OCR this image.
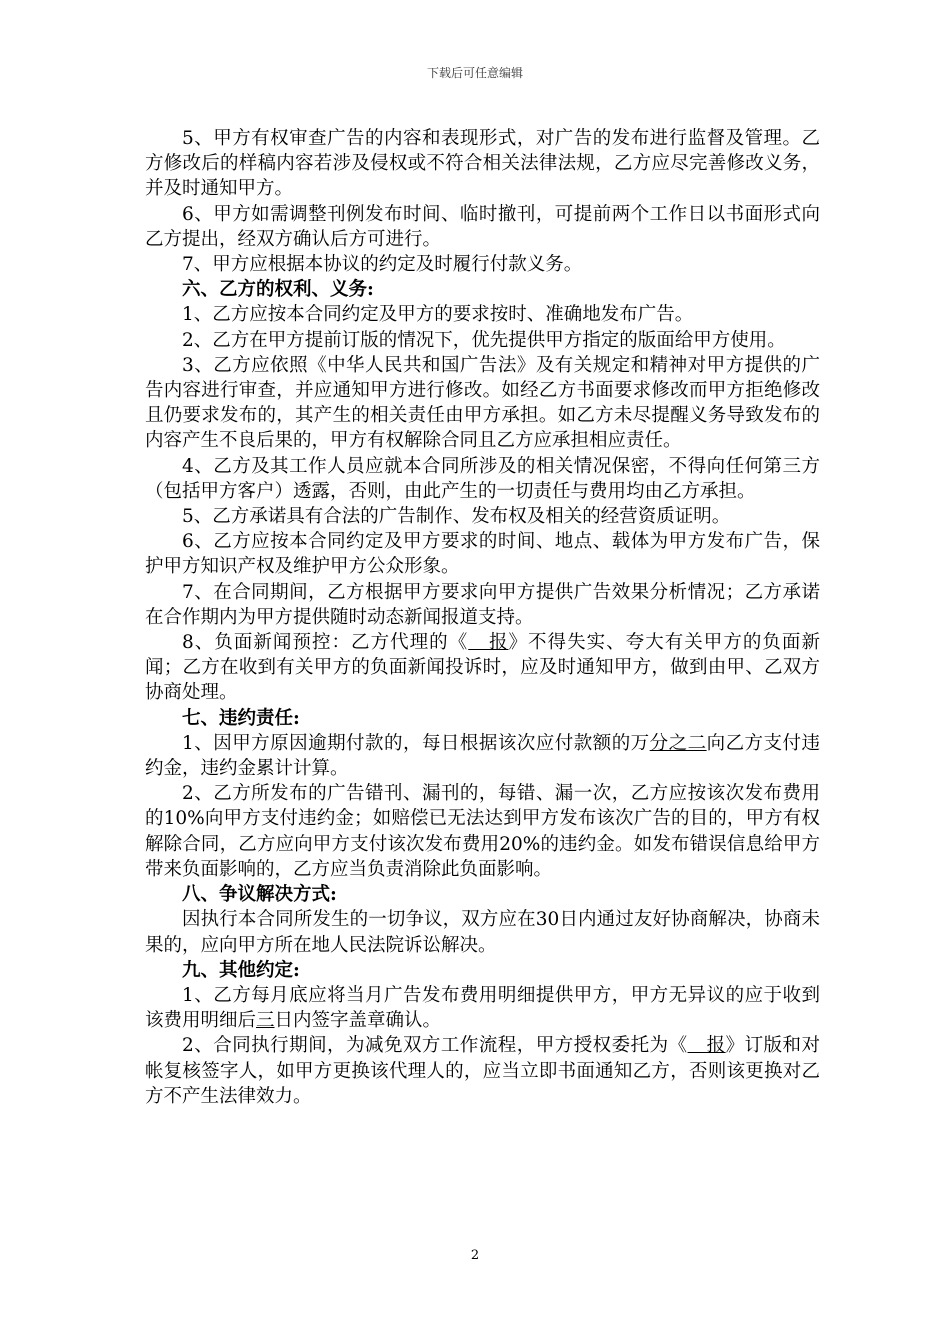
下载后可任意编辑

5、甲方有权审查广告的内容和表现形式，对广告的发布进行监督及管理。乙方修改后的样稿内容若涉及侵权或不符合相关法律法规，乙方应尽完善修改义务，并及时通知甲方。

6、甲方如需调整刊例发布时间、临时撤刊，可提前两个工作日以书面形式向乙方提出，经双方确认后方可进行。

7、甲方应根据本协议的约定及时履行付款义务。

六、乙方的权利、义务:

1、乙方应按本合同约定及甲方的要求按时、准确地发布广告。

2、乙方在甲方提前订版的情况下，优先提供甲方指定的版面给甲方使用。

3、乙方应依照《中华人民共和国广告法》及有关规定和精神对甲方提供的广告内容进行审查，并应通知甲方进行修改。如经乙方书面要求修改而甲方拒绝修改且仍要求发布的，其产生的相关责任由甲方承担。如乙方未尽提醒义务导致发布的内容产生不良后果的，甲方有权解除合同且乙方应承担相应责任。

4、乙方及其工作人员应就本合同所涉及的相关情况保密，不得向任何第三方（包括甲方客户）透露，否则，由此产生的一切责任与费用均由乙方承担。

5、乙方承诺具有合法的广告制作、发布权及相关的经营资质证明。

6、乙方应按本合同约定及甲方要求的时间、地点、载体为甲方发布广告，保护甲方知识产权及维护甲方公众形象。

7、在合同期间，乙方根据甲方要求向甲方提供广告效果分析情况；乙方承诺在合作期内为甲方提供随时动态新闻报道支持。

8、负面新闻预控：乙方代理的《   报》不得失实、夸大有关甲方的负面新闻；乙方在收到有关甲方的负面新闻投诉时，应及时通知甲方，做到由甲、乙双方协商处理。

七、违约责任:

1、因甲方原因逾期付款的，每日根据该次应付款额的万分之二向乙方支付违约金，违约金累计计算。

2、乙方所发布的广告错刊、漏刊的，每错、漏一次，乙方应按该次发布费用的10%向甲方支付违约金；如赔偿已无法达到甲方发布该次广告的目的，甲方有权解除合同，乙方应向甲方支付该次发布费用20%的违约金。如发布错误信息给甲方带来负面影响的，乙方应当负责消除此负面影响。

八、争议解决方式:

因执行本合同所发生的一切争议，双方应在30日内通过友好协商解决，协商未果的，应向甲方所在地人民法院诉讼解决。

九、其他约定:

1、乙方每月底应将当月广告发布费用明细提供甲方，甲方无异议的应于收到该费用明细后三日内签字盖章确认。

2、合同执行期间，为减免双方工作流程，甲方授权委托为《   报》订版和对帐复核签字人，如甲方更换该代理人的，应当立即书面通知乙方，否则该更换对乙方不产生法律效力。

2
